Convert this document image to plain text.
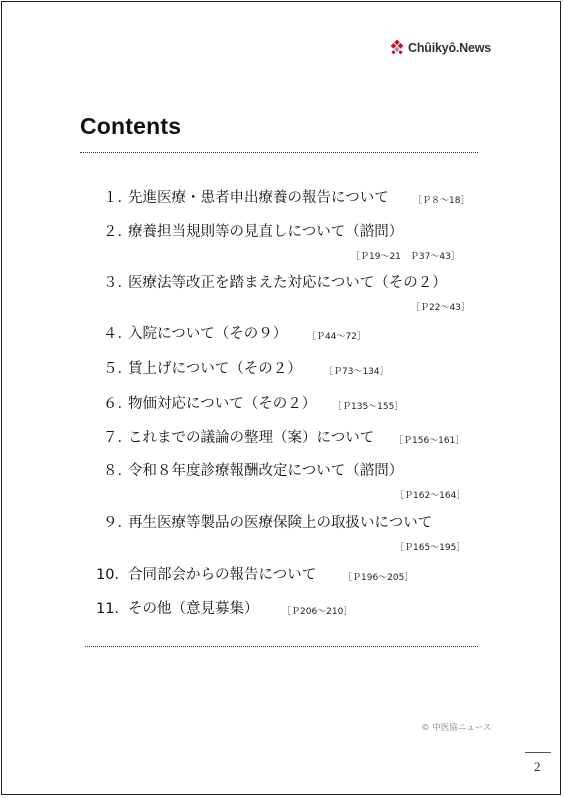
Chûikyô.News
Contents
１．
先進医療・患者申出療養の報告について	［Ｐ８～18］
２．
療養担当規則等の見直しについて（諮問）
［Ｐ19～21　Ｐ37～43］
３．
医療法等改正を踏まえた対応について（その２）
［Ｐ22～43］
４．
入院について（その９） ［Ｐ44～72］
５．
賃上げについて（その２） ［Ｐ73～134］
６．
物価対応について（その２） ［Ｐ135～155］
７．
これまでの議論の整理（案）について ［Ｐ156～161］
８．
令和８年度診療報酬改定について（諮問）
［Ｐ162～164］
９．
再生医療等製品の医療保険上の取扱いについて
［Ｐ165～195］
10． 合同部会からの報告について	［Ｐ196～205］
11． その他（意見募集）	［Ｐ206～210］
© 中医協ニュース
2
